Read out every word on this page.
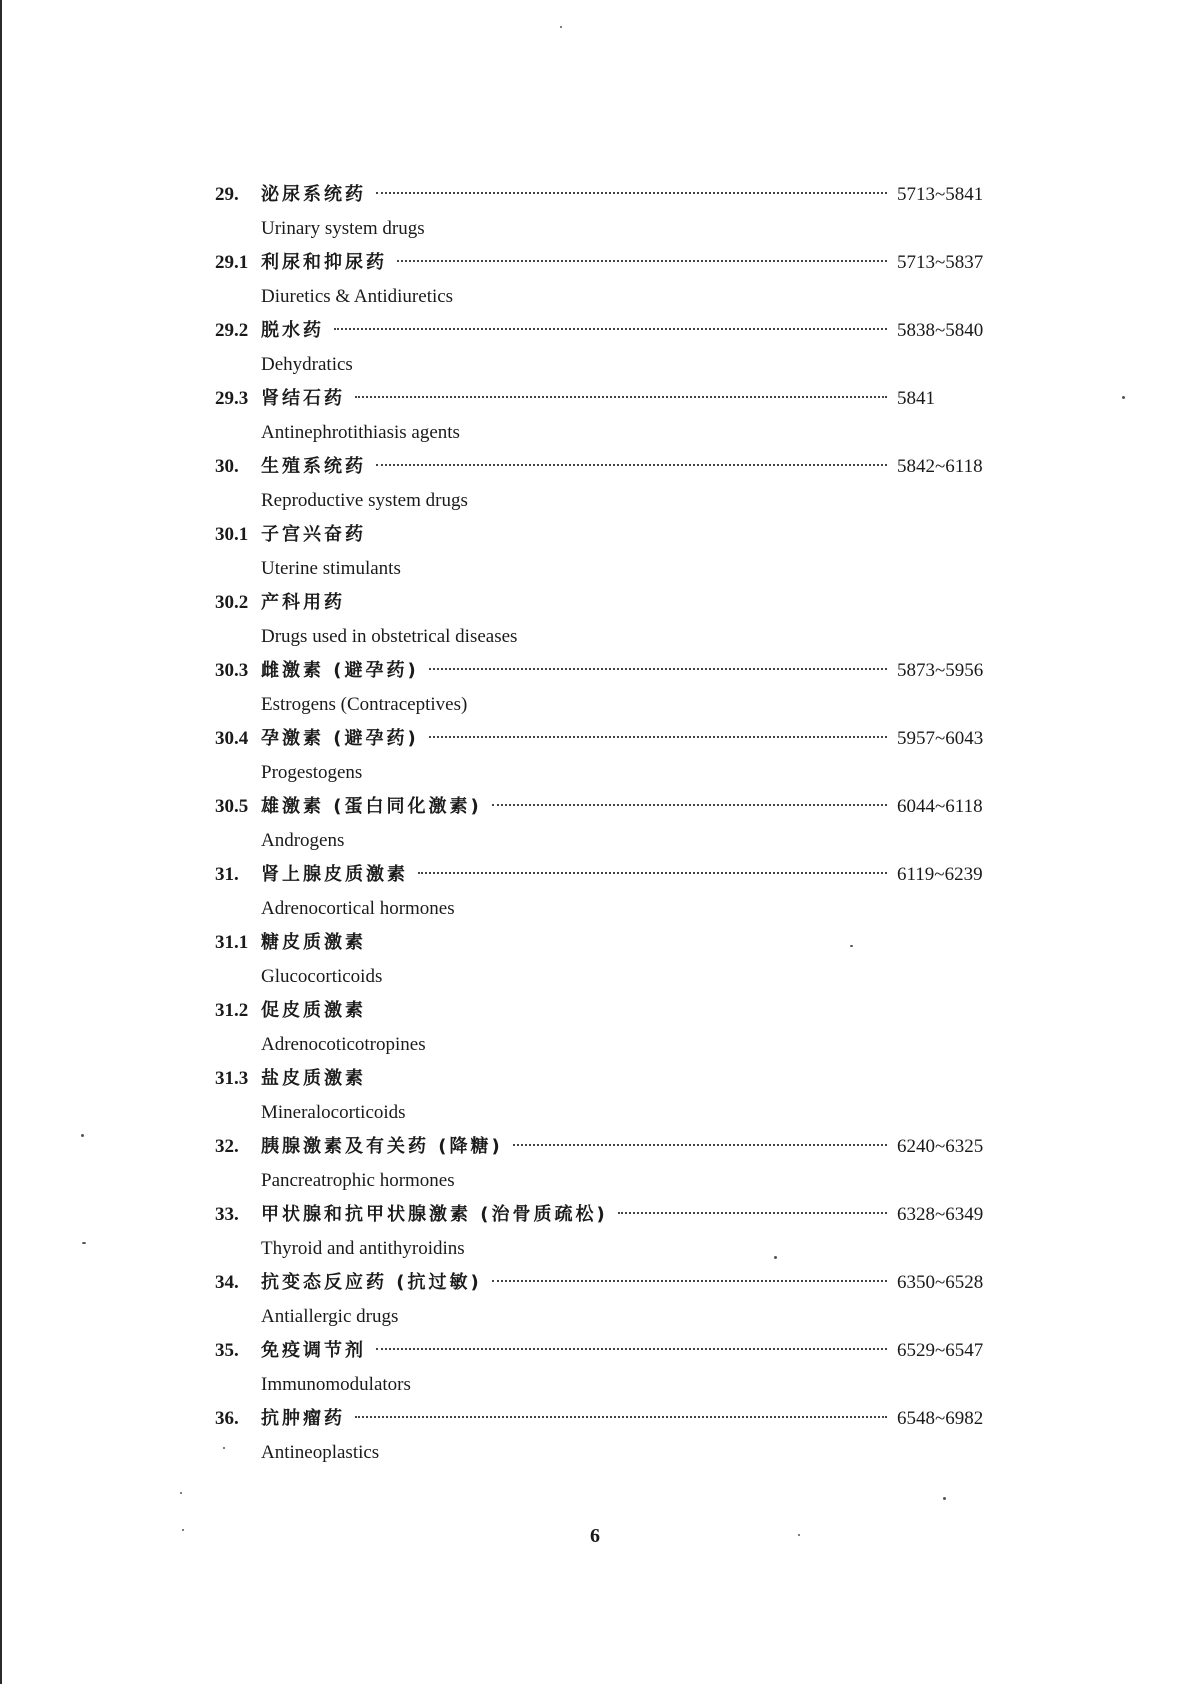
29.	泌尿系统药	5713~5841
Urinary system drugs
29.1 利尿和抑尿药	5713~5837
Diuretics & Antidiuretics
29.2 脱水药	5838~5840
Dehydratics
29.3 肾结石药	5841
Antinephrotithiasis agents
30.	生殖系统药	5842~6118
Reproductive system drugs
30.1 子宫兴奋药
Uterine stimulants
30.2 产科用药
Drugs used in obstetrical diseases
30.3 雌激素 (避孕药)	5873~5956
Estrogens (Contraceptives)
30.4 孕激素 (避孕药)	5957~6043
Progestogens
30.5 雄激素 (蛋白同化激素)	6044~6118
Androgens
31.	肾上腺皮质激素	6119~6239
Adrenocortical hormones
31.1 糖皮质激素
Glucocorticoids
31.2 促皮质激素
Adrenocoticotropines
31.3 盐皮质激素
Mineralocorticoids
32.	胰腺激素及有关药 (降糖)	6240~6325
Pancreatrophic hormones
33.	甲状腺和抗甲状腺激素 (治骨质疏松)	6328~6349
Thyroid and antithyroidins
34.	抗变态反应药 (抗过敏)	6350~6528
Antiallergic drugs
35.	免疫调节剂	6529~6547
Immunomodulators
36.	抗肿瘤药	6548~6982
Antineoplastics
6
